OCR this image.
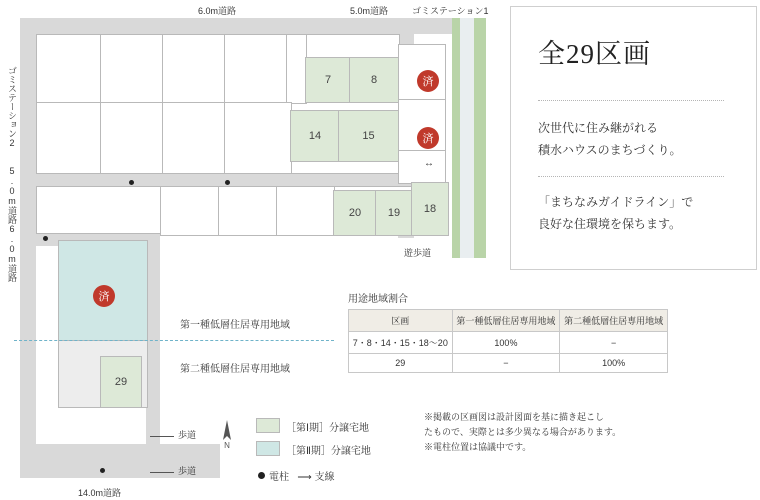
7	8
14	15
20	19	18
29
済
済
済
第一種低層住居専用地域
第二種低層住居専用地域
6.0m道路	5.0m道路	ゴミステーション1
ゴミステーション2
5.0m道路
6.0m道路
14.0m道路
遊歩道
歩道
歩道
↔
［第Ⅰ期］分譲宅地
［第Ⅱ期］分譲宅地
N
電柱 ⟶ 支線
全29区画
次世代に住み継がれる
積水ハウスのまちづくり。
「まちなみガイドライン」で
良好な住環境を保ちます。
用途地域割合
区画	第一種低層住居専用地域	第二種低層住居専用地域
7・8・14・15・18〜20	100%	−
29	−	100%
※掲載の区画図は設計図面を基に描き起こし
たもので、実際とは多少異なる場合があります。
※電柱位置は協議中です。
